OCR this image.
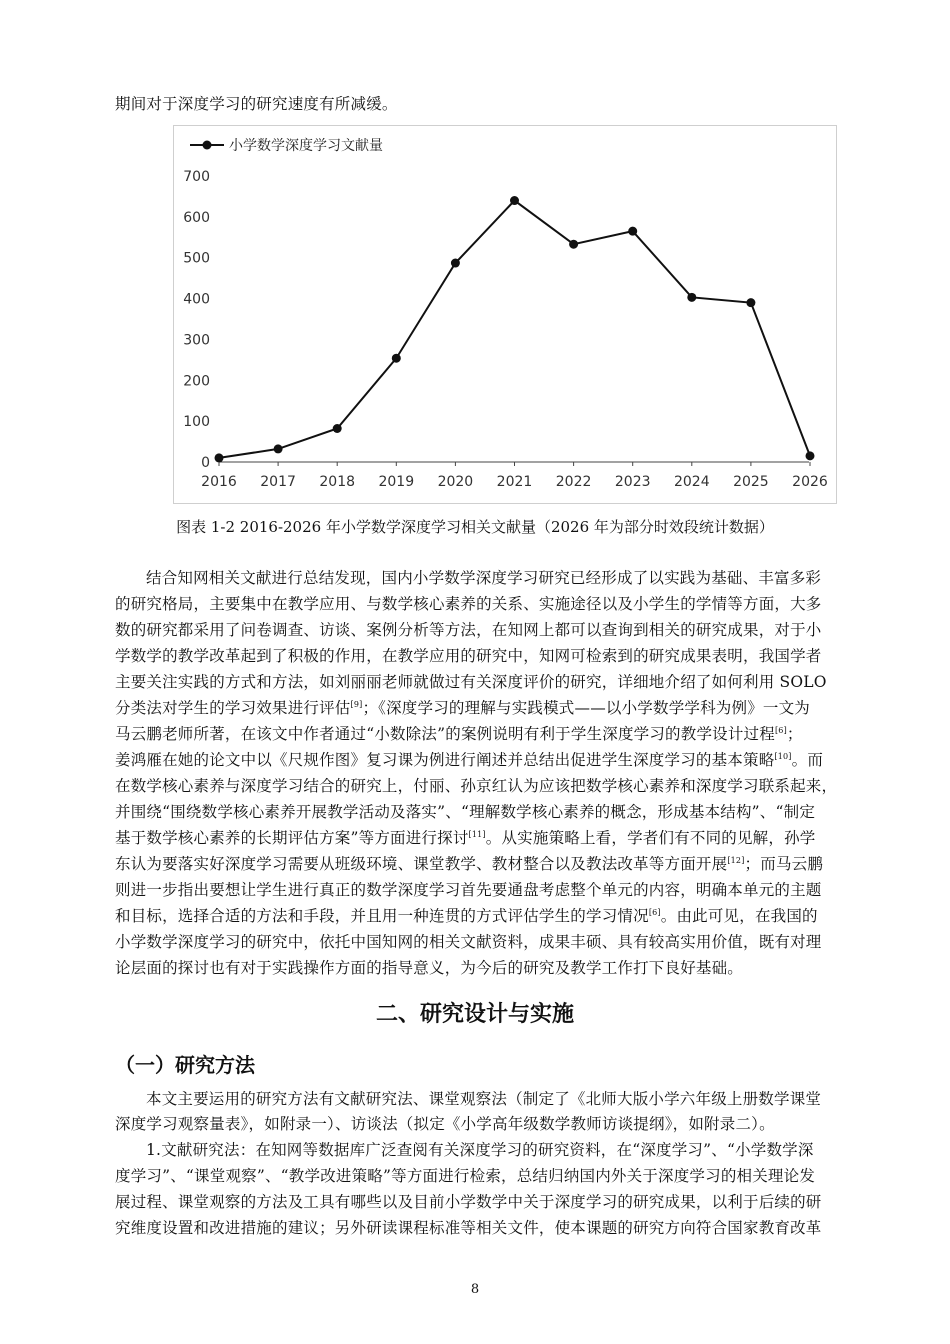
期间对于深度学习的研究速度有所减缓。
小学数学深度学习文献量
0
100
200
300
400
500
600
700
2016 2017 2018 2019 2020 2021 2022 2023 2024 2025 2026
图表 1-2 2016-2026 年小学数学深度学习相关文献量（2026 年为部分时效段统计数据）
结合知网相关文献进行总结发现，国内小学数学深度学习研究已经形成了以实践为基础、丰富多彩
的研究格局，主要集中在教学应用、与数学核心素养的关系、实施途径以及小学生的学情等方面，大多
数的研究都采用了问卷调查、访谈、案例分析等方法，在知网上都可以查询到相关的研究成果，对于小
学数学的教学改革起到了积极的作用，在教学应用的研究中，知网可检索到的研究成果表明，我国学者
主要关注实践的方式和方法，如刘丽丽老师就做过有关深度评价的研究，详细地介绍了如何利用 SOLO
分类法对学生的学习效果进行评估[9]；《深度学习的理解与实践模式——以小学数学学科为例》一文为
马云鹏老师所著，在该文中作者通过“小数除法”的案例说明有利于学生深度学习的教学设计过程[6]；
姜鸿雁在她的论文中以《尺规作图》复习课为例进行阐述并总结出促进学生深度学习的基本策略[10]。而
在数学核心素养与深度学习结合的研究上，付丽、孙京红认为应该把数学核心素养和深度学习联系起来，
并围绕“围绕数学核心素养开展教学活动及落实”、“理解数学核心素养的概念，形成基本结构”、“制定
基于数学核心素养的长期评估方案”等方面进行探讨[11]。从实施策略上看，学者们有不同的见解，孙学
东认为要落实好深度学习需要从班级环境、课堂教学、教材整合以及教法改革等方面开展[12]；而马云鹏
则进一步指出要想让学生进行真正的数学深度学习首先要通盘考虑整个单元的内容，明确本单元的主题
和目标，选择合适的方法和手段，并且用一种连贯的方式评估学生的学习情况[6]。由此可见，在我国的
小学数学深度学习的研究中，依托中国知网的相关文献资料，成果丰硕、具有较高实用价值，既有对理
论层面的探讨也有对于实践操作方面的指导意义，为今后的研究及教学工作打下良好基础。
二、研究设计与实施
（一）研究方法
本文主要运用的研究方法有文献研究法、课堂观察法（制定了《北师大版小学六年级上册数学课堂
深度学习观察量表》，如附录一）、访谈法（拟定《小学高年级数学教师访谈提纲》，如附录二）。
1.文献研究法：在知网等数据库广泛查阅有关深度学习的研究资料，在“深度学习”、“小学数学深
度学习”、“课堂观察”、“教学改进策略”等方面进行检索，总结归纳国内外关于深度学习的相关理论发
展过程、课堂观察的方法及工具有哪些以及目前小学数学中关于深度学习的研究成果，以利于后续的研
究维度设置和改进措施的建议；另外研读课程标准等相关文件，使本课题的研究方向符合国家教育改革
8
